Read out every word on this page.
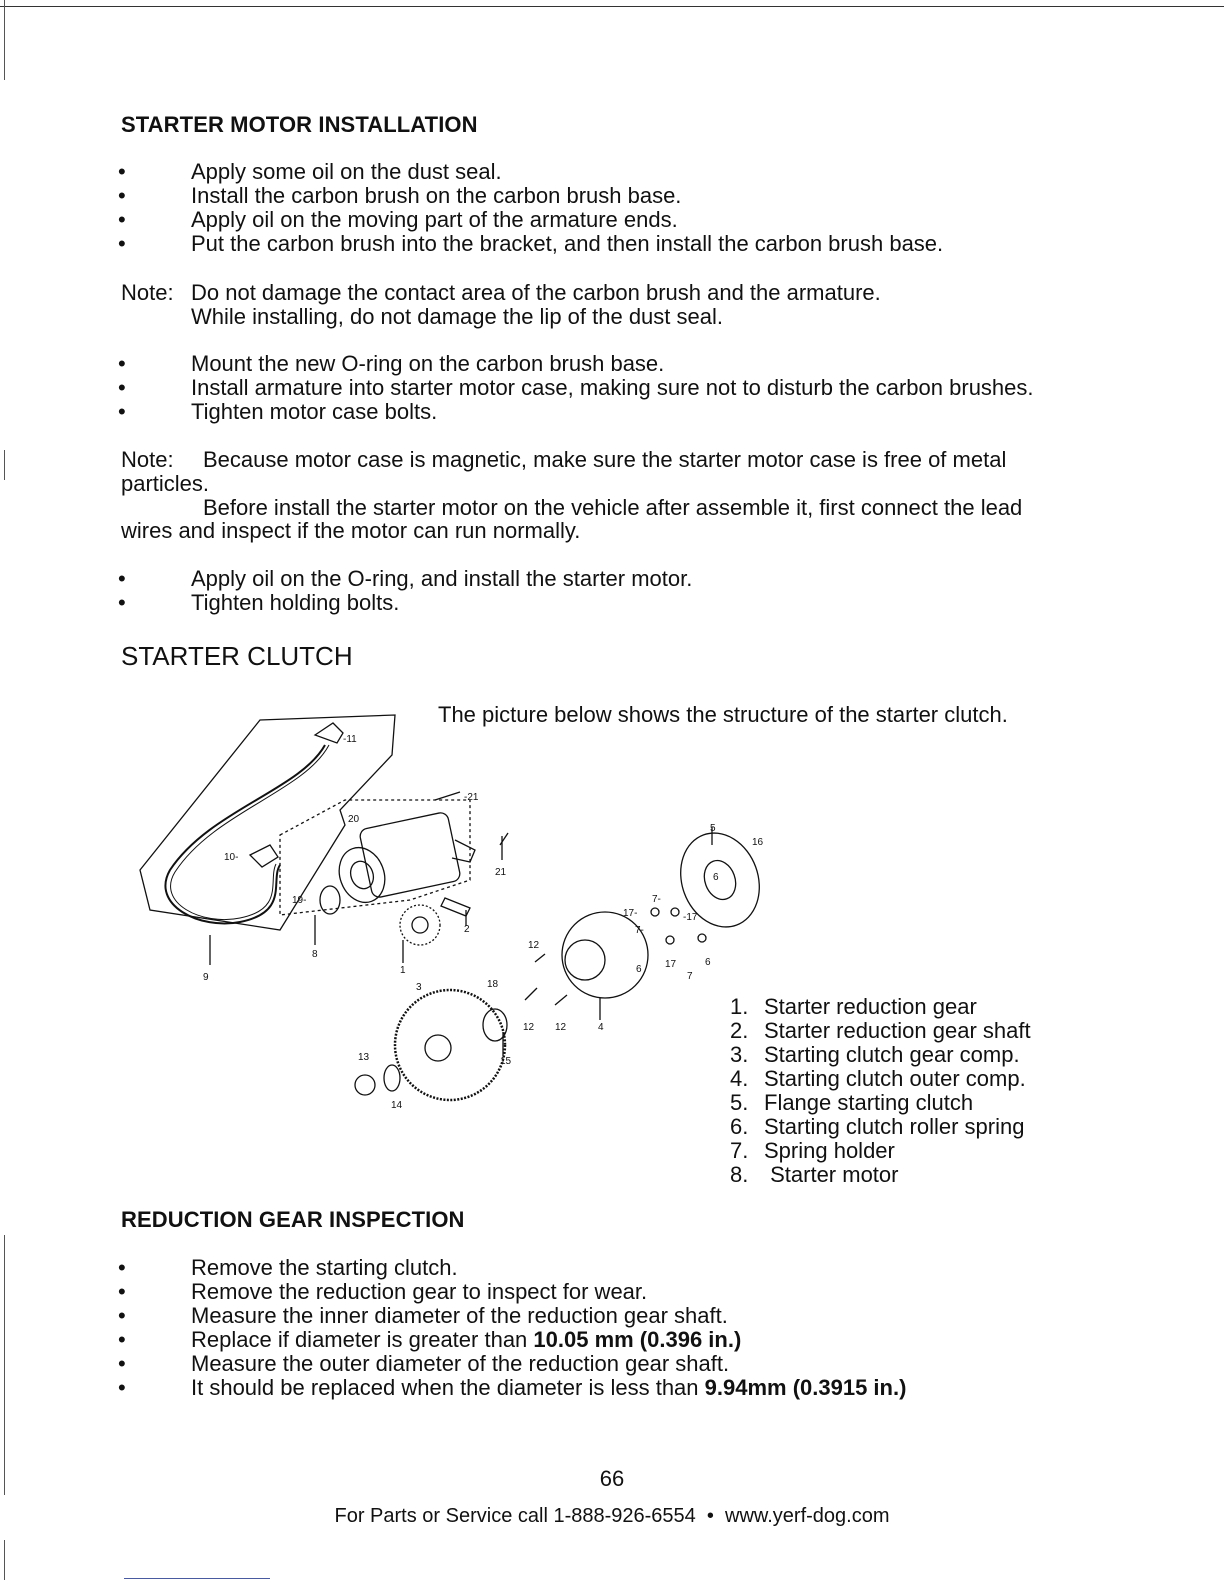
STARTER MOTOR INSTALLATION
•	Apply some oil on the dust seal.
•	Install the carbon brush on the carbon brush base.
•	Apply oil on the moving part of the armature ends.
•	Put the carbon brush into the bracket, and then install the carbon brush base.
Note: Do not damage the contact area of the carbon brush and the armature.
While installing, do not damage the lip of the dust seal.
•	Mount the new O-ring on the carbon brush base.
•	Install armature into starter motor case, making sure not to disturb the carbon brushes.
•	Tighten motor case bolts.
Note: Because motor case is magnetic, make sure the starter motor case is free of metal
particles.
Before install the starter motor on the vehicle after assemble it, first connect the lead
wires and inspect if the motor can run normally.
•	Apply oil on the O-ring, and install the starter motor.
•	Tighten holding bolts.
STARTER CLUTCH
The picture below shows the structure of the starter clutch.
-11
-21
20
10-
21
19-
2
8
1
9
5
16
6
7-
17-	-17
7-
12
6 17	6
7
3	18
12 12	4
15
13
14
1. Starter reduction gear
2. Starter reduction gear shaft
3. Starting clutch gear comp.
4. Starting clutch outer comp.
5. Flange starting clutch
6. Starting clutch roller spring
7. Spring holder
8. Starter motor
REDUCTION GEAR INSPECTION
•	Remove the starting clutch.
•	Remove the reduction gear to inspect for wear.
•	Measure the inner diameter of the reduction gear shaft.
•	Replace if diameter is greater than 10.05 mm (0.396 in.)
•	Measure the outer diameter of the reduction gear shaft.
•	It should be replaced when the diameter is less than 9.94mm (0.3915 in.)
66
For Parts or Service call 1-888-926-6554  •  www.yerf-dog.com
